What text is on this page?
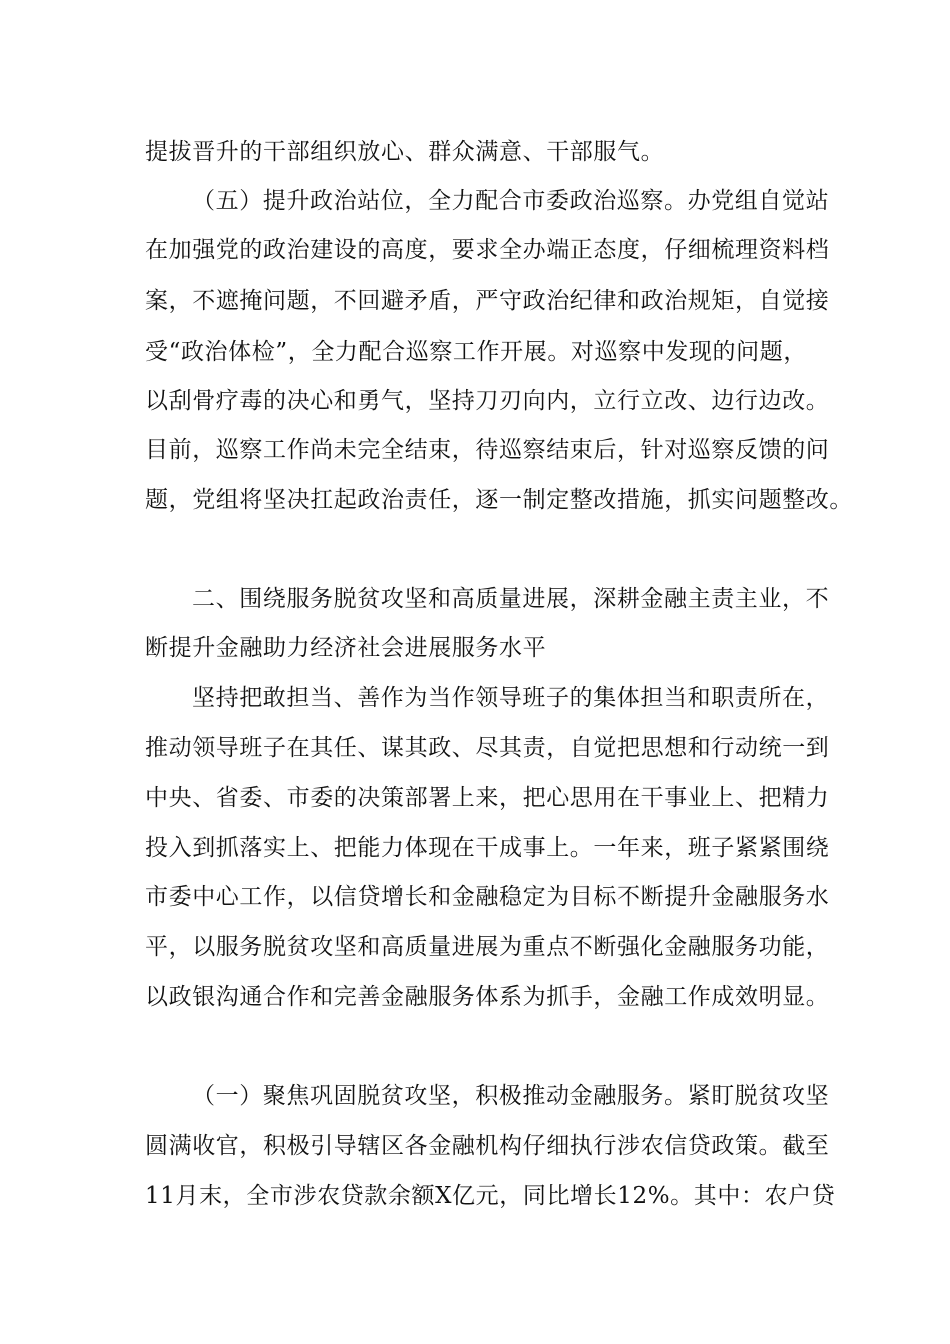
提拔晋升的干部组织放心、群众满意、干部服气。
（五）提升政治站位，全力配合市委政治巡察。办党组自觉站
在加强党的政治建设的高度，要求全办端正态度，仔细梳理资料档
案，不遮掩问题，不回避矛盾，严守政治纪律和政治规矩，自觉接
受“政治体检”，全力配合巡察工作开展。对巡察中发现的问题，
以刮骨疗毒的决心和勇气，坚持刀刃向内，立行立改、边行边改。
目前，巡察工作尚未完全结束，待巡察结束后，针对巡察反馈的问
题，党组将坚决扛起政治责任，逐一制定整改措施，抓实问题整改。
二、围绕服务脱贫攻坚和高质量进展，深耕金融主责主业，不
断提升金融助力经济社会进展服务水平
坚持把敢担当、善作为当作领导班子的集体担当和职责所在，
推动领导班子在其任、谋其政、尽其责，自觉把思想和行动统一到
中央、省委、市委的决策部署上来，把心思用在干事业上、把精力
投入到抓落实上、把能力体现在干成事上。一年来，班子紧紧围绕
市委中心工作，以信贷增长和金融稳定为目标不断提升金融服务水
平，以服务脱贫攻坚和高质量进展为重点不断强化金融服务功能，
以政银沟通合作和完善金融服务体系为抓手，金融工作成效明显。
（一）聚焦巩固脱贫攻坚，积极推动金融服务。紧盯脱贫攻坚
圆满收官，积极引导辖区各金融机构仔细执行涉农信贷政策。截至
11月末，全市涉农贷款余额X亿元，同比增长12%。其中：农户贷
